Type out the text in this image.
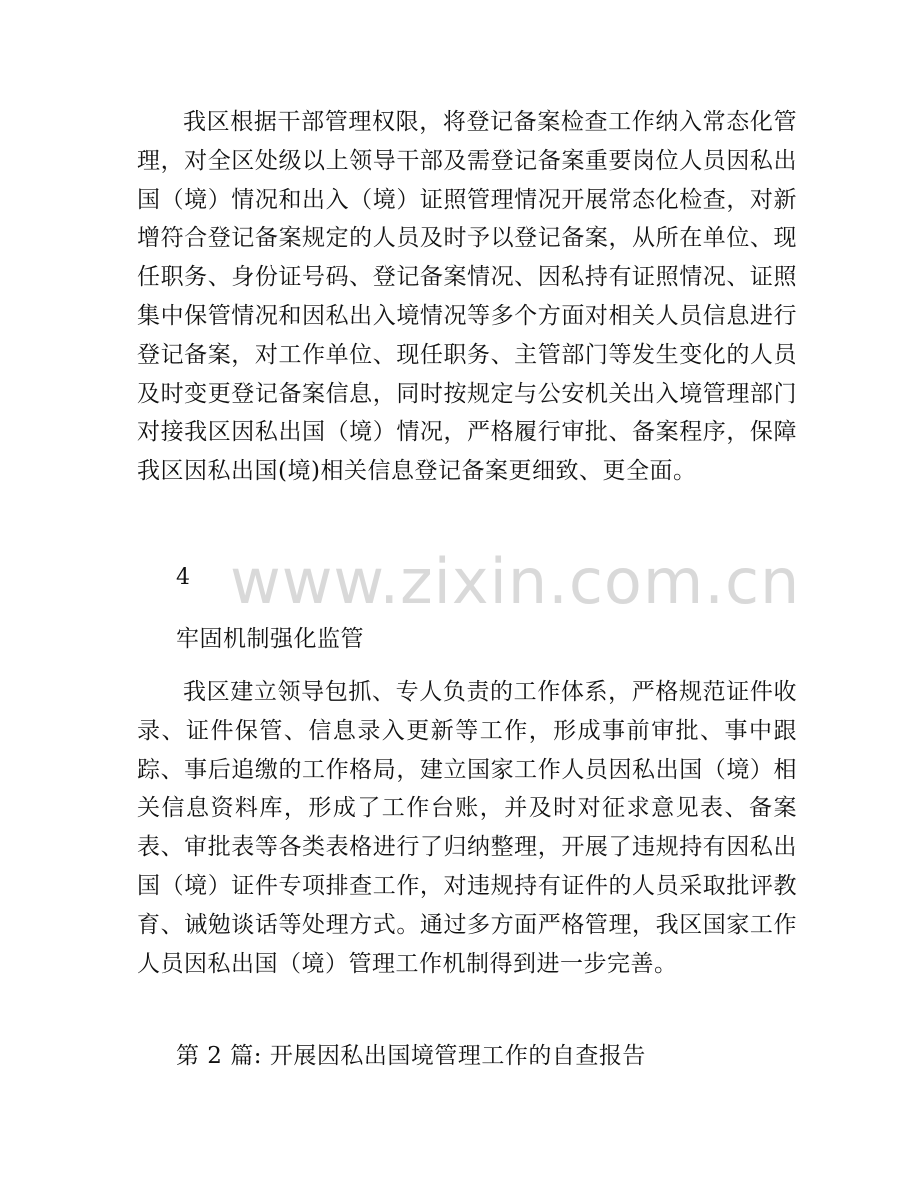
我区根据干部管理权限，将登记备案检查工作纳入常态化管理，对全区处级以上领导干部及需登记备案重要岗位人员因私出国（境）情况和出入（境）证照管理情况开展常态化检查，对新增符合登记备案规定的人员及时予以登记备案，从所在单位、现任职务、身份证号码、登记备案情况、因私持有证照情况、证照集中保管情况和因私出入境情况等多个方面对相关人员信息进行登记备案，对工作单位、现任职务、主管部门等发生变化的人员及时变更登记备案信息，同时按规定与公安机关出入境管理部门对接我区因私出国（境）情况，严格履行审批、备案程序，保障我区因私出国(境)相关信息登记备案更细致、更全面。

4 www.zixin.com.cn

牢固机制强化监管

我区建立领导包抓、专人负责的工作体系，严格规范证件收录、证件保管、信息录入更新等工作，形成事前审批、事中跟踪、事后追缴的工作格局，建立国家工作人员因私出国（境）相关信息资料库，形成了工作台账，并及时对征求意见表、备案表、审批表等各类表格进行了归纳整理，开展了违规持有因私出国（境）证件专项排查工作，对违规持有证件的人员采取批评教育、诫勉谈话等处理方式。通过多方面严格管理，我区国家工作人员因私出国（境）管理工作机制得到进一步完善。

第 2 篇: 开展因私出国境管理工作的自查报告
